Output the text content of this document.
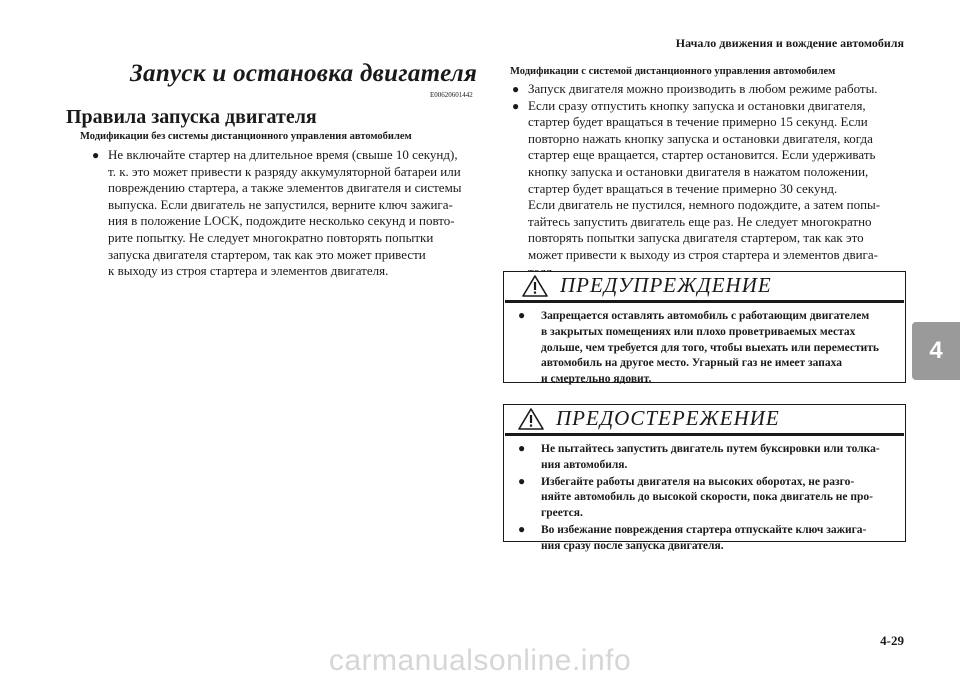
Начало движения и вождение автомобиля
Запуск и остановка двигателя
E00620601442
Правила запуска двигателя
Модификации без системы дистанционного управления автомобилем
● Не включайте стартер на длительное время (свыше 10 секунд),
т. к. это может привести к разряду аккумуляторной батареи или
повреждению стартера, а также элементов двигателя и системы
выпуска. Если двигатель не запустился, верните ключ зажига-
ния в положение LOCK, подождите несколько секунд и повто-
рите попытку. Не следует многократно повторять попытки
запуска двигателя стартером, так как это может привести
к выходу из строя стартера и элементов двигателя.
Модификации с системой дистанционного управления автомобилем
● Запуск двигателя можно производить в любом режиме работы.
● Если сразу отпустить кнопку запуска и остановки двигателя,
стартер будет вращаться в течение примерно 15 секунд. Если
повторно нажать кнопку запуска и остановки двигателя, когда
стартер еще вращается, стартер остановится. Если удерживать
кнопку запуска и остановки двигателя в нажатом положении,
стартер будет вращаться в течение примерно 30 секунд.
Если двигатель не пустился, немного подождите, а затем попы-
тайтесь запустить двигатель еще раз. Не следует многократно
повторять попытки запуска двигателя стартером, так как это
может привести к выходу из строя стартера и элементов двига-
ПРЕДУПРЕЖДЕНИЕ
● Запрещается оставлять автомобиль с работающим двигателем
в закрытых помещениях или плохо проветриваемых местах
дольше, чем требуется для того, чтобы выехать или переместить
автомобиль на другое место. Угарный газ не имеет запаха
и смертельно ядовит.
ПРЕДОСТЕРЕЖЕНИЕ
● Не пытайтесь запустить двигатель путем буксировки или толка-
ния автомобиля.
● Избегайте работы двигателя на высоких оборотах, не разго-
няйте автомобиль до высокой скорости, пока двигатель не про-
греется.
● Во избежание повреждения стартера отпускайте ключ зажига-
ния сразу после запуска двигателя.
4
4-29
carmanualsonline.info
